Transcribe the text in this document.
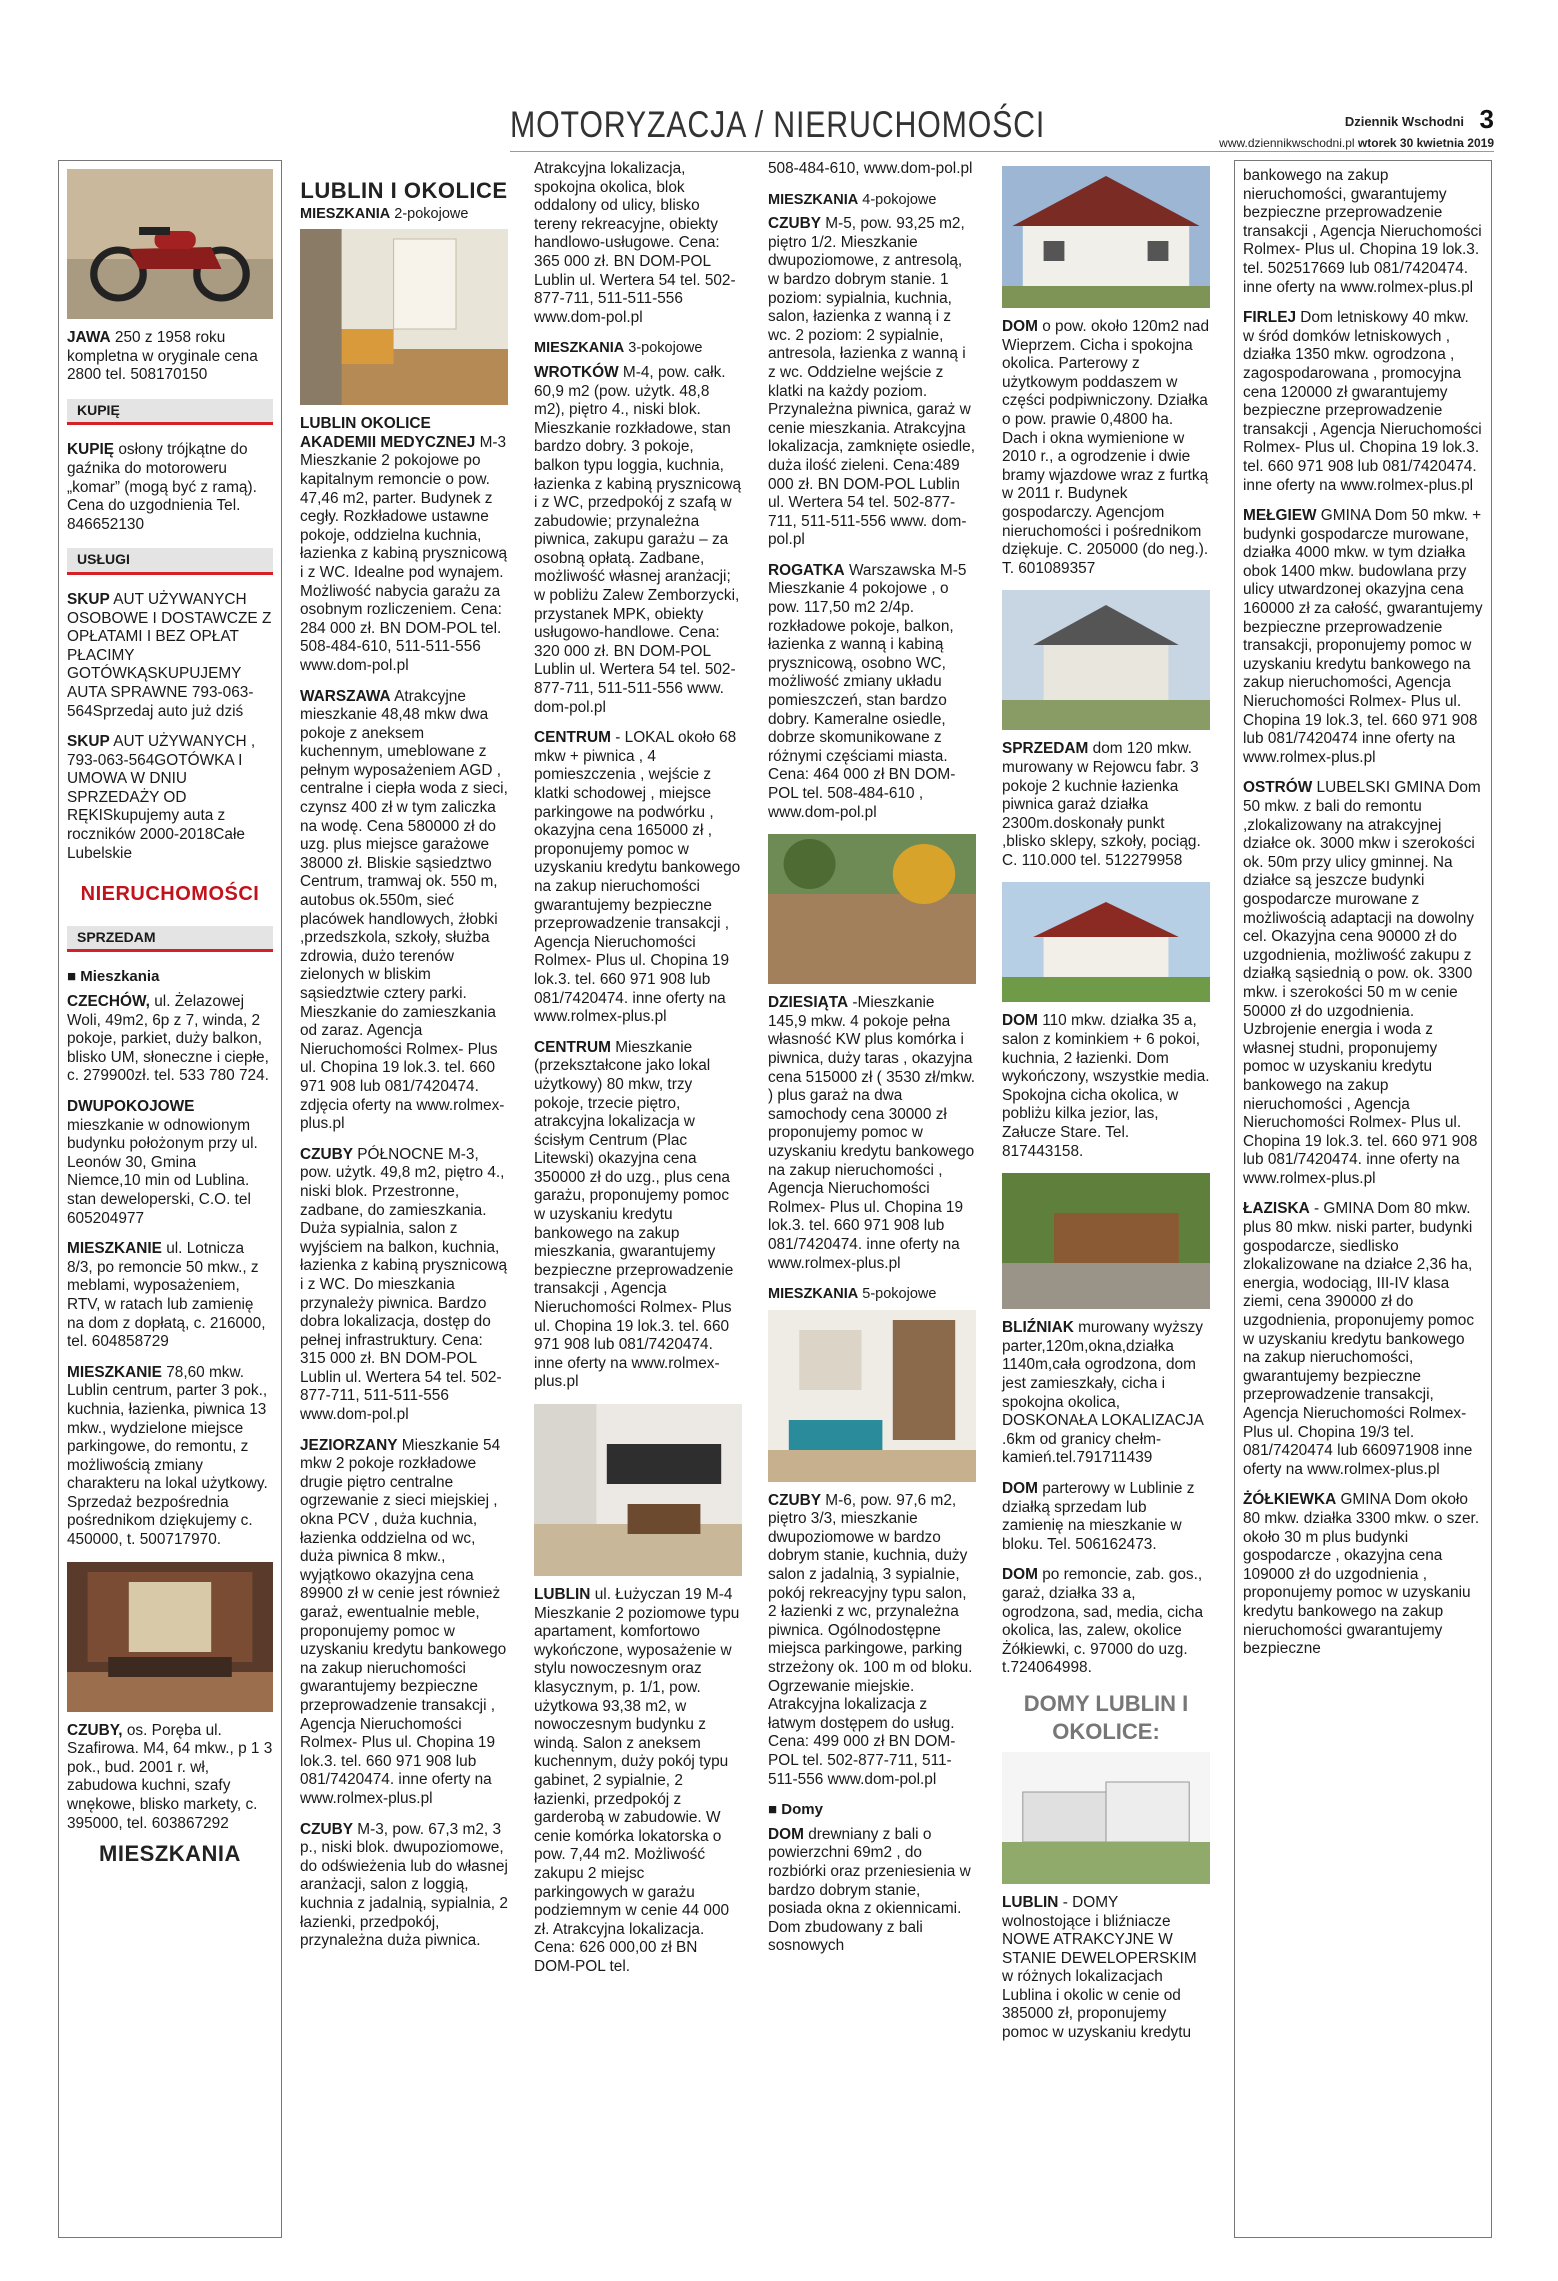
MOTORYZACJA / NIERUCHOMOŚCI	Dziennik Wschodni 3
www.dziennikwschodni.pl wtorek 30 kwietnia 2019
JAWA 250 z 1958 roku kompletna w oryginale cena 2800 tel. 508170150
KUPIĘ
KUPIĘ osłony trójkątne do gaźnika do motoroweru „komar” (mogą być z ramą). Cena do uzgodnienia Tel. 846652130
USŁUGI
SKUP AUT UŻYWANYCH OSOBOWE I DOSTAWCZE Z OPŁATAMI I BEZ OPŁAT PŁACIMY GOTÓWKĄSKUPUJEMY AUTA SPRAWNE 793-063-564Sprzedaj auto już dziś
SKUP AUT UŻYWANYCH , 793-063-564GOTÓWKA I UMOWA W DNIU SPRZEDAŻY OD RĘKISkupujemy auta z roczników 2000-2018Całe Lubelskie
NIERUCHOMOŚCI
SPRZEDAM
■ Mieszkania
CZECHÓW, ul. Żelazowej Woli, 49m2, 6p z 7, winda, 2 pokoje, parkiet, duży balkon, blisko UM, słoneczne i ciepłe, c. 279900zł. tel. 533 780 724.
DWUPOKOJOWE mieszkanie w odnowionym budynku położonym przy ul. Leonów 30, Gmina Niemce,10 min od Lublina. stan deweloperski, C.O. tel 605204977
MIESZKANIE ul. Lotnicza 8/3, po remoncie 50 mkw., z meblami, wyposażeniem, RTV, w ratach lub zamienię na dom z dopłatą, c. 216000, tel. 604858729
MIESZKANIE 78,60 mkw. Lublin centrum, parter 3 pok., kuchnia, łazienka, piwnica 13 mkw., wydzielone miejsce parkingowe, do remontu, z możliwością zmiany charakteru na lokal użytkowy. Sprzedaż bezpośrednia pośrednikom dziękujemy c. 450000, t. 500717970.
CZUBY, os. Poręba ul. Szafirowa. M4, 64 mkw., p 1 3 pok., bud. 2001 r. wł, zabudowa kuchni, szafy wnękowe, blisko markety, c. 395000, tel. 603867292
MIESZKANIA
LUBLIN I OKOLICE
MIESZKANIA 2-pokojowe
LUBLIN OKOLICE AKADEMII MEDYCZNEJ M-3 Mieszkanie 2 pokojowe po kapitalnym remoncie o pow. 47,46 m2, parter. Budynek z cegły. Rozkładowe ustawne pokoje, oddzielna kuchnia, łazienka z kabiną prysznicową i z WC. Idealne pod wynajem. Możliwość nabycia garażu za osobnym rozliczeniem. Cena: 284 000 zł. BN DOM-POL tel. 508-484-610, 511-511-556 www.dom-pol.pl
WARSZAWA Atrakcyjne mieszkanie 48,48 mkw dwa pokoje z aneksem kuchennym, umeblowane z pełnym wyposażeniem AGD , centralne i ciepła woda z sieci, czynsz 400 zł w tym zaliczka na wodę. Cena 580000 zł do uzg. plus miejsce garażowe 38000 zł. Bliskie sąsiedztwo Centrum, tramwaj ok. 550 m, autobus ok.550m, sieć placówek handlowych, żłobki ,przedszkola, szkoły, służba zdrowia, dużo terenów zielonych w bliskim sąsiedztwie cztery parki. Mieszkanie do zamieszkania od zaraz. Agencja Nieruchomości Rolmex- Plus ul. Chopina 19 lok.3. tel. 660 971 908 lub 081/7420474. zdjęcia oferty na www.rolmex-plus.pl
CZUBY PÓŁNOCNE M-3, pow. użytk. 49,8 m2, piętro 4., niski blok. Przestronne, zadbane, do zamieszkania. Duża sypialnia, salon z wyjściem na balkon, kuchnia, łazienka z kabiną prysznicową i z WC. Do mieszkania przynależy piwnica. Bardzo dobra lokalizacja, dostęp do pełnej infrastruktury. Cena: 315 000 zł. BN DOM-POL Lublin ul. Wertera 54 tel. 502-877-711, 511-511-556 www.dom-pol.pl
JEZIORZANY Mieszkanie 54 mkw 2 pokoje rozkładowe drugie piętro centralne ogrzewanie z sieci miejskiej , okna PCV , duża kuchnia, łazienka oddzielna od wc, duża piwnica 8 mkw., wyjątkowo okazyjna cena 89900 zł w cenie jest również garaż, ewentualnie meble, proponujemy pomoc w uzyskaniu kredytu bankowego na zakup nieruchomości gwarantujemy bezpieczne przeprowadzenie transakcji , Agencja Nieruchomości Rolmex- Plus ul. Chopina 19 lok.3. tel. 660 971 908 lub 081/7420474. inne oferty na www.rolmex-plus.pl
CZUBY M-3, pow. 67,3 m2, 3 p., niski blok. dwupoziomowe, do odświeżenia lub do własnej aranżacji, salon z loggią, kuchnia z jadalnią, sypialnia, 2 łazienki, przedpokój, przynależna duża piwnica.
Atrakcyjna lokalizacja, spokojna okolica, blok oddalony od ulicy, blisko tereny rekreacyjne, obiekty handlowo-usługowe. Cena: 365 000 zł. BN DOM-POL Lublin ul. Wertera 54 tel. 502-877-711, 511-511-556 www.dom-pol.pl
MIESZKANIA 3-pokojowe
WROTKÓW M-4, pow. całk. 60,9 m2 (pow. użytk. 48,8 m2), piętro 4., niski blok. Mieszkanie rozkładowe, stan bardzo dobry. 3 pokoje, balkon typu loggia, kuchnia, łazienka z kabiną prysznicową i z WC, przedpokój z szafą w zabudowie; przynależna piwnica, zakupu garażu – za osobną opłatą. Zadbane, możliwość własnej aranżacji; w pobliżu Zalew Zemborzycki, przystanek MPK, obiekty usługowo-handlowe. Cena: 320 000 zł. BN DOM-POL Lublin ul. Wertera 54 tel. 502-877-711, 511-511-556 www. dom-pol.pl
CENTRUM - LOKAL około 68 mkw + piwnica , 4 pomieszczenia , wejście z klatki schodowej , miejsce parkingowe na podwórku , okazyjna cena 165000 zł , proponujemy pomoc w uzyskaniu kredytu bankowego na zakup nieruchomości gwarantujemy bezpieczne przeprowadzenie transakcji , Agencja Nieruchomości Rolmex- Plus ul. Chopina 19 lok.3. tel. 660 971 908 lub 081/7420474. inne oferty na www.rolmex-plus.pl
CENTRUM Mieszkanie (przekształcone jako lokal użytkowy) 80 mkw, trzy pokoje, trzecie piętro, atrakcyjna lokalizacja w ścisłym Centrum (Plac Litewski) okazyjna cena 350000 zł do uzg., plus cena garażu, proponujemy pomoc w uzyskaniu kredytu bankowego na zakup mieszkania, gwarantujemy bezpieczne przeprowadzenie transakcji , Agencja Nieruchomości Rolmex- Plus ul. Chopina 19 lok.3. tel. 660 971 908 lub 081/7420474. inne oferty na www.rolmex-plus.pl
LUBLIN ul. Łużyczan 19 M-4 Mieszkanie 2 poziomowe typu apartament, komfortowo wykończone, wyposażenie w stylu nowoczesnym oraz klasycznym, p. 1/1, pow. użytkowa 93,38 m2, w nowoczesnym budynku z windą. Salon z aneksem kuchennym, duży pokój typu gabinet, 2 sypialnie, 2 łazienki, przedpokój z garderobą w zabudowie. W cenie komórka lokatorska o pow. 7,44 m2. Możliwość zakupu 2 miejsc parkingowych w garażu podziemnym w cenie 44 000 zł. Atrakcyjna lokalizacja. Cena: 626 000,00 zł BN DOM-POL tel.
508-484-610, www.dom-pol.pl
MIESZKANIA 4-pokojowe
CZUBY M-5, pow. 93,25 m2, piętro 1/2. Mieszkanie dwupoziomowe, z antresolą, w bardzo dobrym stanie. 1 poziom: sypialnia, kuchnia, salon, łazienka z wanną i z wc. 2 poziom: 2 sypialnie, antresola, łazienka z wanną i z wc. Oddzielne wejście z klatki na każdy poziom. Przynależna piwnica, garaż w cenie mieszkania. Atrakcyjna lokalizacja, zamknięte osiedle, duża ilość zieleni. Cena:489 000 zł. BN DOM-POL Lublin ul. Wertera 54 tel. 502-877-711, 511-511-556 www. dom-pol.pl
ROGATKA Warszawska M-5 Mieszkanie 4 pokojowe , o pow. 117,50 m2 2/4p. rozkładowe pokoje, balkon, łazienka z wanną i kabiną prysznicową, osobno WC, możliwość zmiany układu pomieszczeń, stan bardzo dobry. Kameralne osiedle, dobrze skomunikowane z różnymi częściami miasta. Cena: 464 000 zł BN DOM-POL tel. 508-484-610 , www.dom-pol.pl
DZIESIĄTA -Mieszkanie 145,9 mkw. 4 pokoje pełna własność KW plus komórka i piwnica, duży taras , okazyjna cena 515000 zł ( 3530 zł/mkw. ) plus garaż na dwa samochody cena 30000 zł proponujemy pomoc w uzyskaniu kredytu bankowego na zakup nieruchomości , Agencja Nieruchomości Rolmex- Plus ul. Chopina 19 lok.3. tel. 660 971 908 lub 081/7420474. inne oferty na www.rolmex-plus.pl
MIESZKANIA 5-pokojowe
CZUBY M-6, pow. 97,6 m2, piętro 3/3, mieszkanie dwupoziomowe w bardzo dobrym stanie, kuchnia, duży salon z jadalnią, 3 sypialnie, pokój rekreacyjny typu salon, 2 łazienki z wc, przynależna piwnica. Ogólnodostępne miejsca parkingowe, parking strzeżony ok. 100 m od bloku. Ogrzewanie miejskie. Atrakcyjna lokalizacja z łatwym dostępem do usług. Cena: 499 000 zł BN DOM-POL tel. 502-877-711, 511-511-556 www.dom-pol.pl
■ Domy
DOM drewniany z bali o powierzchni 69m2 , do rozbiórki oraz przeniesienia w bardzo dobrym stanie, posiada okna z okiennicami. Dom zbudowany z bali sosnowych
DOM o pow. około 120m2 nad Wieprzem. Cicha i spokojna okolica. Parterowy z użytkowym poddaszem w części podpiwniczony. Działka o pow. prawie 0,4800 ha. Dach i okna wymienione w 2010 r., a ogrodzenie i dwie bramy wjazdowe wraz z furtką w 2011 r. Budynek gospodarczy. Agencjom nieruchomości i pośrednikom dziękuje. C. 205000 (do neg.). T. 601089357
SPRZEDAM dom 120 mkw. murowany w Rejowcu fabr. 3 pokoje 2 kuchnie łazienka piwnica garaż działka 2300m.doskonały punkt ,blisko sklepy, szkoły, pociąg. C. 110.000 tel. 512279958
DOM 110 mkw. działka 35 a, salon z kominkiem + 6 pokoi, kuchnia, 2 łazienki. Dom wykończony, wszystkie media. Spokojna cicha okolica, w pobliżu kilka jezior, las, Załucze Stare. Tel. 817443158.
BLIŹNIAK murowany wyższy parter,120m,okna,działka 1140m,cała ogrodzona, dom jest zamieszkały, cicha i spokojna okolica, DOSKONAŁA LOKALIZACJA .6km od granicy chełm-kamień.tel.791711439
DOM parterowy w Lublinie z działką sprzedam lub zamienię na mieszkanie w bloku. Tel. 506162473.
DOM po remoncie, zab. gos., garaż, działka 33 a, ogrodzona, sad, media, cicha okolica, las, zalew, okolice Żółkiewki, c. 97000 do uzg. t.724064998.
DOMY LUBLIN I OKOLICE:
LUBLIN - DOMY wolnostojące i bliźniacze NOWE ATRAKCYJNE W STANIE DEWELOPERSKIM w różnych lokalizacjach Lublina i okolic w cenie od 385000 zł, proponujemy pomoc w uzyskaniu kredytu
bankowego na zakup nieruchomości, gwarantujemy bezpieczne przeprowadzenie transakcji , Agencja Nieruchomości Rolmex- Plus ul. Chopina 19 lok.3. tel. 502517669 lub 081/7420474. inne oferty na www.rolmex-plus.pl
FIRLEJ Dom letniskowy 40 mkw. w śród domków letniskowych , działka 1350 mkw. ogrodzona , zagospodarowana , promocyjna cena 120000 zł gwarantujemy bezpieczne przeprowadzenie transakcji , Agencja Nieruchomości Rolmex- Plus ul. Chopina 19 lok.3. tel. 660 971 908 lub 081/7420474. inne oferty na www.rolmex-plus.pl
MEŁGIEW GMINA Dom 50 mkw. + budynki gospodarcze murowane, działka 4000 mkw. w tym działka obok 1400 mkw. budowlana przy ulicy utwardzonej okazyjna cena 160000 zł za całość, gwarantujemy bezpieczne przeprowadzenie transakcji, proponujemy pomoc w uzyskaniu kredytu bankowego na zakup nieruchomości, Agencja Nieruchomości Rolmex- Plus ul. Chopina 19 lok.3, tel. 660 971 908 lub 081/7420474 inne oferty na www.rolmex-plus.pl
OSTRÓW LUBELSKI GMINA Dom 50 mkw. z bali do remontu ,zlokalizowany na atrakcyjnej działce ok. 3000 mkw i szerokości ok. 50m przy ulicy gminnej. Na działce są jeszcze budynki gospodarcze murowane z możliwością adaptacji na dowolny cel. Okazyjna cena 90000 zł do uzgodnienia, możliwość zakupu z działką sąsiednią o pow. ok. 3300 mkw. i szerokości 50 m w cenie 50000 zł do uzgodnienia. Uzbrojenie energia i woda z własnej studni, proponujemy pomoc w uzyskaniu kredytu bankowego na zakup nieruchomości , Agencja Nieruchomości Rolmex- Plus ul. Chopina 19 lok.3. tel. 660 971 908 lub 081/7420474. inne oferty na www.rolmex-plus.pl
ŁAZISKA - GMINA Dom 80 mkw. plus 80 mkw. niski parter, budynki gospodarcze, siedlisko zlokalizowane na działce 2,36 ha, energia, wodociąg, III-IV klasa ziemi, cena 390000 zł do uzgodnienia, proponujemy pomoc w uzyskaniu kredytu bankowego na zakup nieruchomości, gwarantujemy bezpieczne przeprowadzenie transakcji, Agencja Nieruchomości Rolmex- Plus ul. Chopina 19/3 tel. 081/7420474 lub 660971908 inne oferty na www.rolmex-plus.pl
ŻÓŁKIEWKA GMINA Dom około 80 mkw. działka 3300 mkw. o szer. około 30 m plus budynki gospodarcze , okazyjna cena 109000 zł do uzgodnienia , proponujemy pomoc w uzyskaniu kredytu bankowego na zakup nieruchomości gwarantujemy bezpieczne
